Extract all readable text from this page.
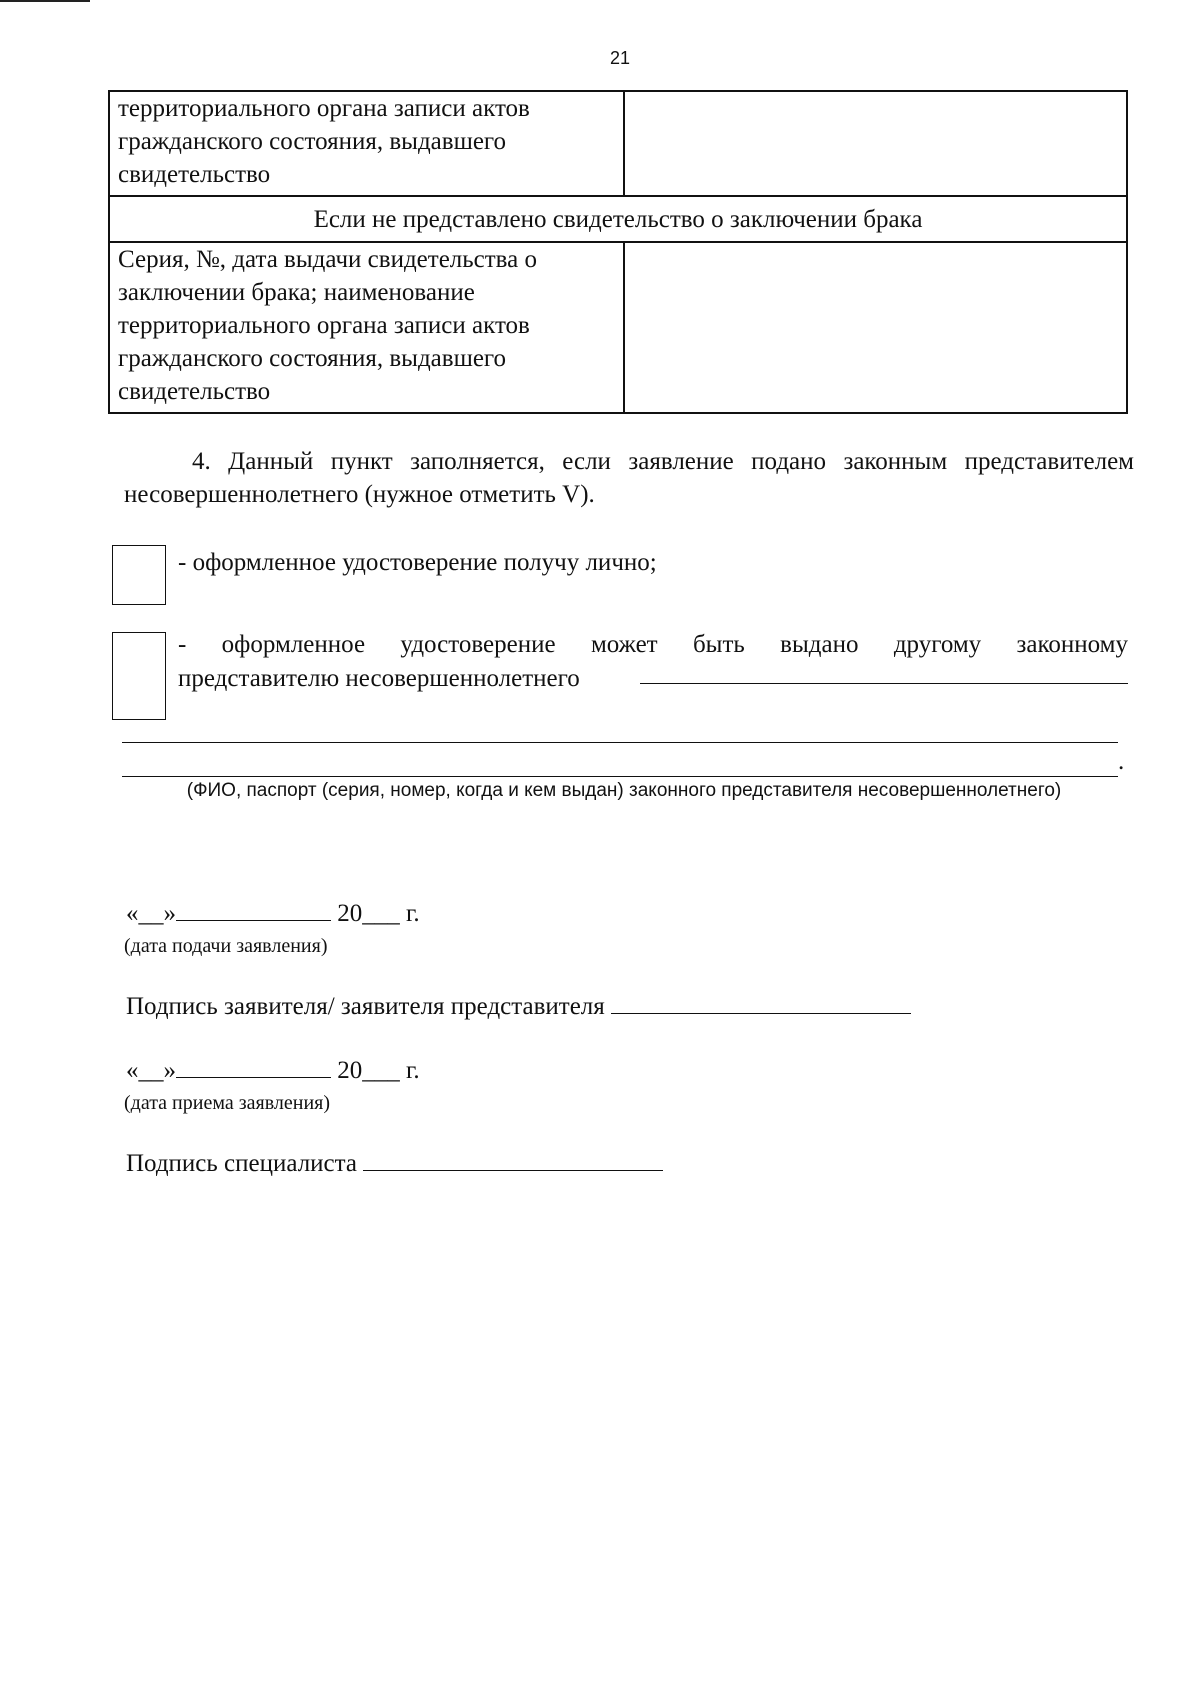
21
территориального органа записи актов гражданского состояния, выдавшего свидетельство	
Если не представлено свидетельство о заключении брака	
Серия, №, дата выдачи свидетельства о заключении брака; наименование территориального органа записи актов гражданского состояния, выдавшего свидетельство	
4. Данный пункт заполняется, если заявление подано законным представителем несовершеннолетнего (нужное отметить V).
- оформленное удостоверение получу лично;
- оформленное удостоверение может быть выдано другому законному
представителю несовершеннолетнего
.
(ФИО, паспорт (серия, номер, когда и кем выдан) законного представителя несовершеннолетнего)
«__»	20___ г.
(дата подачи заявления)
Подпись заявителя/ заявителя представителя
«__»	20___ г.
(дата приема заявления)
Подпись специалиста
